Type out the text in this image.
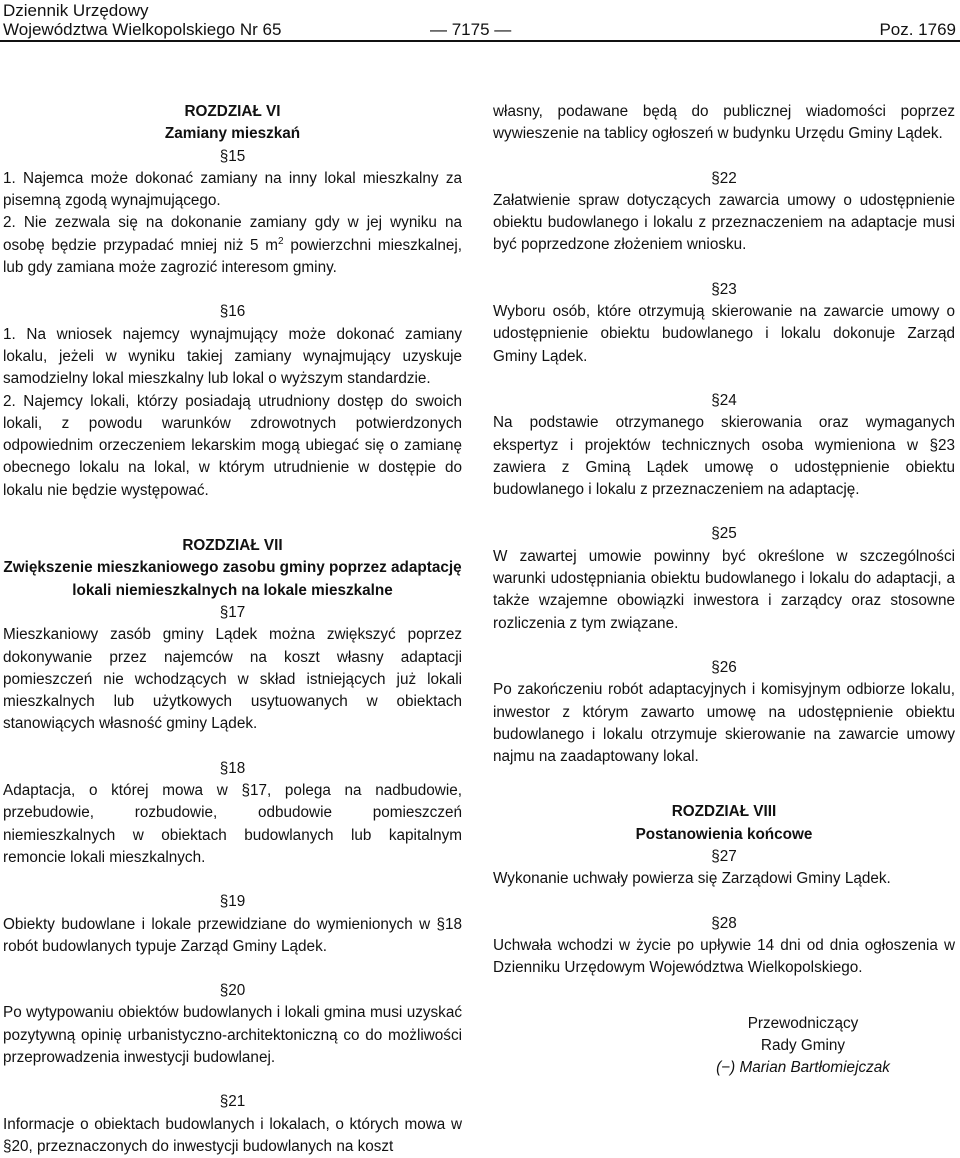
Dziennik Urzędowy
Województwa Wielkopolskiego Nr 65	— 7175 —	Poz. 1769

ROZDZIAŁ VI

Zamiany mieszkań

§15

1. Najemca może dokonać zamiany na inny lokal mieszkalny za pisemną zgodą wynajmującego.

2. Nie zezwala się na dokonanie zamiany gdy w jej wyniku na osobę będzie przypadać mniej niż 5 $m^2$ powierzchni mieszkalnej, lub gdy zamiana może zagrozić interesom gminy.

§16

1. Na wniosek najemcy wynajmujący może dokonać zamiany lokalu, jeżeli w wyniku takiej zamiany wynajmujący uzyskuje samodzielny lokal mieszkalny lub lokal o wyższym standardzie.

2. Najemcy lokali, którzy posiadają utrudniony dostęp do swoich lokali, z powodu warunków zdrowotnych potwierdzonych odpowiednim orzeczeniem lekarskim mogą ubiegać się o zamianę obecnego lokalu na lokal, w którym utrudnienie w dostępie do lokalu nie będzie występować.

ROZDZIAŁ VII

Zwiększenie mieszkaniowego zasobu gminy poprzez adaptację lokali niemieszkalnych na lokale mieszkalne

§17

Mieszkaniowy zasób gminy Lądek można zwiększyć poprzez dokonywanie przez najemców na koszt własny adaptacji pomieszczeń nie wchodzących w skład istniejących już lokali mieszkalnych lub użytkowych usytuowanych w obiektach stanowiących własność gminy Lądek.

§18

Adaptacja, o której mowa w §17, polega na nadbudowie, przebudowie, rozbudowie, odbudowie pomieszczeń niemieszkalnych w obiektach budowlanych lub kapitalnym remoncie lokali mieszkalnych.

§19

Obiekty budowlane i lokale przewidziane do wymienionych w §18 robót budowlanych typuje Zarząd Gminy Lądek.

§20

Po wytypowaniu obiektów budowlanych i lokali gmina musi uzyskać pozytywną opinię urbanistyczno-architektoniczną co do możliwości przeprowadzenia inwestycji budowlanej.

§21

Informacje o obiektach budowlanych i lokalach, o których mowa w §20, przeznaczonych do inwestycji budowlanych na koszt

własny, podawane będą do publicznej wiadomości poprzez wywieszenie na tablicy ogłoszeń w budynku Urzędu Gminy Lądek.

§22

Załatwienie spraw dotyczących zawarcia umowy o udostępnienie obiektu budowlanego i lokalu z przeznaczeniem na adaptacje musi być poprzedzone złożeniem wniosku.

§23

Wyboru osób, które otrzymują skierowanie na zawarcie umowy o udostępnienie obiektu budowlanego i lokalu dokonuje Zarząd Gminy Lądek.

§24

Na podstawie otrzymanego skierowania oraz wymaganych ekspertyz i projektów technicznych osoba wymieniona w §23 zawiera z Gminą Lądek umowę o udostępnienie obiektu budowlanego i lokalu z przeznaczeniem na adaptację.

§25

W zawartej umowie powinny być określone w szczególności warunki udostępniania obiektu budowlanego i lokalu do adaptacji, a także wzajemne obowiązki inwestora i zarządcy oraz stosowne rozliczenia z tym związane.

§26

Po zakończeniu robót adaptacyjnych i komisyjnym odbiorze lokalu, inwestor z którym zawarto umowę na udostępnienie obiektu budowlanego i lokalu otrzymuje skierowanie na zawarcie umowy najmu na zaadaptowany lokal.

ROZDZIAŁ VIII

Postanowienia końcowe

§27

Wykonanie uchwały powierza się Zarządowi Gminy Lądek.

§28

Uchwała wchodzi w życie po upływie 14 dni od dnia ogłoszenia w Dzienniku Urzędowym Województwa Wielkopolskiego.

Przewodniczący

Rady Gminy

(−) Marian Bartłomiejczak
